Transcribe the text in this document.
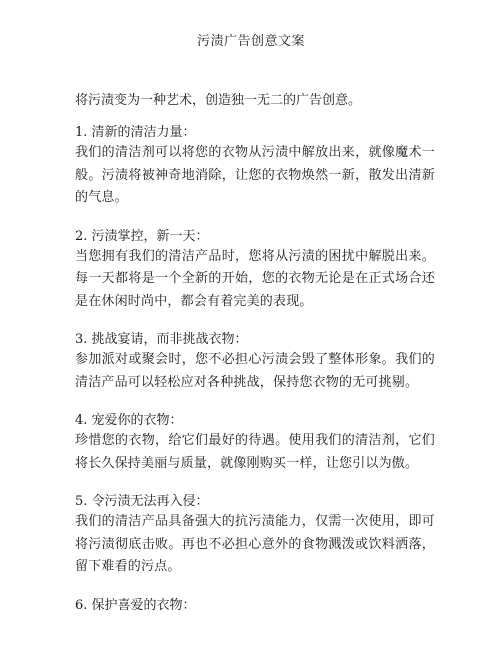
污渍广告创意文案
将污渍变为一种艺术，创造独一无二的广告创意。

1. 清新的清洁力量：

我们的清洁剂可以将您的衣物从污渍中解放出来，就像魔术一般。污渍将被神奇地消除，让您的衣物焕然一新，散发出清新的气息。

2. 污渍掌控，新一天：

当您拥有我们的清洁产品时，您将从污渍的困扰中解脱出来。每一天都将是一个全新的开始，您的衣物无论是在正式场合还是在休闲时尚中，都会有着完美的表现。

3. 挑战宴请，而非挑战衣物：

参加派对或聚会时，您不必担心污渍会毁了整体形象。我们的清洁产品可以轻松应对各种挑战，保持您衣物的无可挑剔。

4. 宠爱你的衣物：

珍惜您的衣物，给它们最好的待遇。使用我们的清洁剂，它们将长久保持美丽与质量，就像刚购买一样，让您引以为傲。

5. 令污渍无法再入侵：

我们的清洁产品具备强大的抗污渍能力，仅需一次使用，即可将污渍彻底击败。再也不必担心意外的食物溅泼或饮料洒落，留下难看的污点。

6. 保护喜爱的衣物：
